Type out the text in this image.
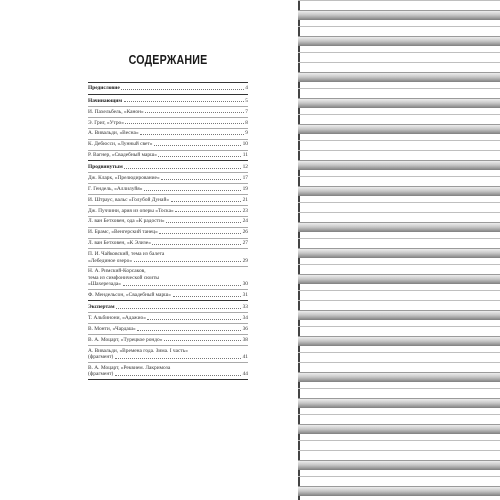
СОДЕРЖАНИЕ
Предисловие	4
Начинающим	5
И. Пахельбель, «Канон»	7
Э. Григ, «Утро»	8
А. Вивальди, «Весна»	9
К. Дебюсси, «Лунный свет»	10
Р. Вагнер, «Свадебный марш»	11
Продвинутым	12
Дж. Кларк, «Прелюдирование»	17
Г. Гендель, «Аллилуйя»	19
И. Штраус, вальс «Голубой Дунай»	21
Дж. Пуччини, ария из оперы «Тоска»	23
Л. ван Бетховен, ода «К радости»	24
И. Брамс, «Венгерский танец»	26
Л. ван Бетховен, «К Элизе»	27
П. И. Чайковский, тема из балета
«Лебединое озеро»	29
Н. А. Римский-Корсаков,
тема из симфонической сюиты
«Шахерезада»	30
Ф. Мендельсон, «Свадебный марш»	31
Экспертам	33
Т. Альбинони, «Адажио»	34
В. Монти, «Чардаш»	36
В. А. Моцарт, «Турецкое рондо»	38
А. Вивальди, «Времена года. Зима. I часть»
(фрагмент)	41
В. А. Моцарт, «Реквием. Лакримоза
(фрагмент)	44
